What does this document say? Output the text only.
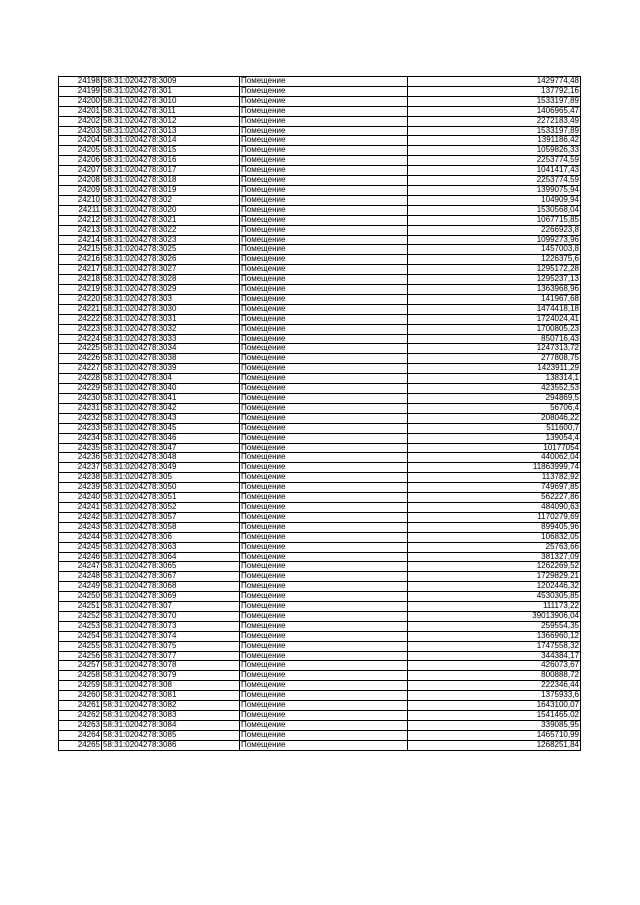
24198	58:31:0204278:3009	Помещение	1429774,48
24199	58:31:0204278:301	Помещение	137792,16
24200	58:31:0204278:3010	Помещение	1533197,89
24201	58:31:0204278:3011	Помещение	1406965,47
24202	58:31:0204278:3012	Помещение	2272183,49
24203	58:31:0204278:3013	Помещение	1533197,89
24204	58:31:0204278:3014	Помещение	1391186,42
24205	58:31:0204278:3015	Помещение	1059826,33
24206	58:31:0204278:3016	Помещение	2253774,59
24207	58:31:0204278:3017	Помещение	1041417,43
24208	58:31:0204278:3018	Помещение	2253774,59
24209	58:31:0204278:3019	Помещение	1399075,94
24210	58:31:0204278:302	Помещение	104909,94
24211	58:31:0204278:3020	Помещение	1530568,04
24212	58:31:0204278:3021	Помещение	1067715,85
24213	58:31:0204278:3022	Помещение	2266923,8
24214	58:31:0204278:3023	Помещение	1099273,96
24215	58:31:0204278:3025	Помещение	1457003,8
24216	58:31:0204278:3026	Помещение	1226375,6
24217	58:31:0204278:3027	Помещение	1295172,28
24218	58:31:0204278:3028	Помещение	1295237,13
24219	58:31:0204278:3029	Помещение	1363968,96
24220	58:31:0204278:303	Помещение	141967,68
24221	58:31:0204278:3030	Помещение	1474418,18
24222	58:31:0204278:3031	Помещение	1724024,41
24223	58:31:0204278:3032	Помещение	1700805,23
24224	58:31:0204278:3033	Помещение	850716,43
24225	58:31:0204278:3034	Помещение	1247313,72
24226	58:31:0204278:3038	Помещение	277808,75
24227	58:31:0204278:3039	Помещение	1423911,29
24228	58:31:0204278:304	Помещение	138314,1
24229	58:31:0204278:3040	Помещение	423552,53
24230	58:31:0204278:3041	Помещение	294869,5
24231	58:31:0204278:3042	Помещение	56706,4
24232	58:31:0204278:3043	Помещение	208046,22
24233	58:31:0204278:3045	Помещение	511600,7
24234	58:31:0204278:3046	Помещение	139054,4
24235	58:31:0204278:3047	Помещение	10177054
24236	58:31:0204278:3048	Помещение	440062,04
24237	58:31:0204278:3049	Помещение	11863999,74
24238	58:31:0204278:305	Помещение	113782,92
24239	58:31:0204278:3050	Помещение	749697,85
24240	58:31:0204278:3051	Помещение	562227,86
24241	58:31:0204278:3052	Помещение	484090,63
24242	58:31:0204278:3057	Помещение	1170279,69
24243	58:31:0204278:3058	Помещение	899405,96
24244	58:31:0204278:306	Помещение	106832,05
24245	58:31:0204278:3063	Помещение	25763,66
24246	58:31:0204278:3064	Помещение	381327,09
24247	58:31:0204278:3065	Помещение	1262269,52
24248	58:31:0204278:3067	Помещение	1729829,21
24249	58:31:0204278:3068	Помещение	1202446,32
24250	58:31:0204278:3069	Помещение	4530305,85
24251	58:31:0204278:307	Помещение	111173,22
24252	58:31:0204278:3070	Помещение	39013906,04
24253	58:31:0204278:3073	Помещение	259554,35
24254	58:31:0204278:3074	Помещение	1366960,12
24255	58:31:0204278:3075	Помещение	1747558,32
24256	58:31:0204278:3077	Помещение	344384,17
24257	58:31:0204278:3078	Помещение	426073,67
24258	58:31:0204278:3079	Помещение	800888,72
24259	58:31:0204278:308	Помещение	222346,44
24260	58:31:0204278:3081	Помещение	1375933,6
24261	58:31:0204278:3082	Помещение	1643100,07
24262	58:31:0204278:3083	Помещение	1541465,02
24263	58:31:0204278:3084	Помещение	339085,95
24264	58:31:0204278:3085	Помещение	1465710,99
24265	58:31:0204278:3086	Помещение	1268251,84
